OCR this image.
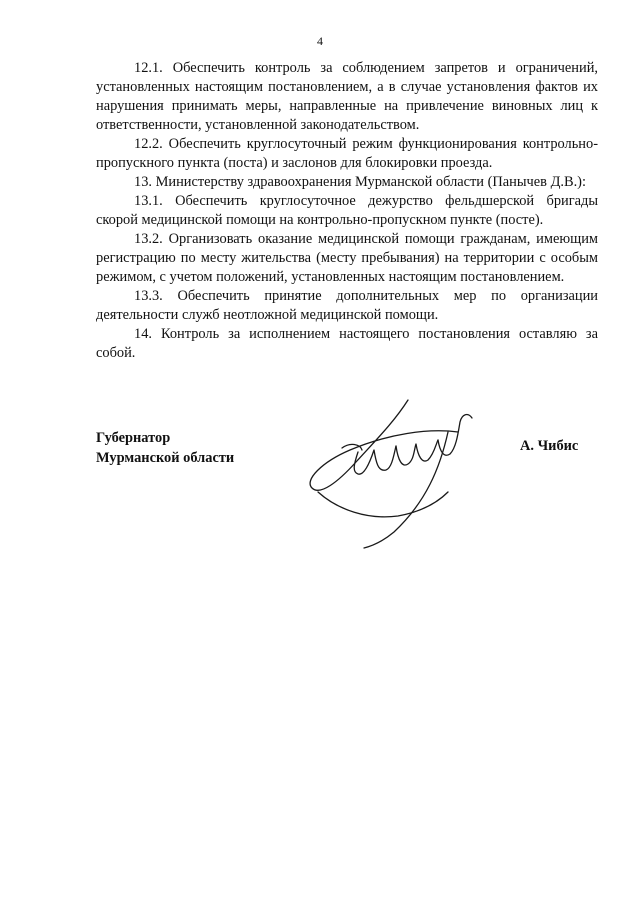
4

12.1. Обеспечить контроль за соблюдением запретов и ограничений, установленных настоящим постановлением, а в случае установления фактов их нарушения принимать меры, направленные на привлечение виновных лиц к ответственности, установленной законодательством.

12.2. Обеспечить круглосуточный режим функционирования контрольно-пропускного пункта (поста) и заслонов для блокировки проезда.

13. Министерству здравоохранения Мурманской области (Панычев Д.В.):

13.1. Обеспечить круглосуточное дежурство фельдшерской бригады скорой медицинской помощи на контрольно-пропускном пункте (посте).

13.2. Организовать оказание медицинской помощи гражданам, имеющим регистрацию по месту жительства (месту пребывания) на территории с особым режимом, с учетом положений, установленных настоящим постановлением.

13.3. Обеспечить принятие дополнительных мер по организации деятельности служб неотложной медицинской помощи.

14. Контроль за исполнением настоящего постановления оставляю за собой.

Губернатор
Мурманской области
А. Чибис
